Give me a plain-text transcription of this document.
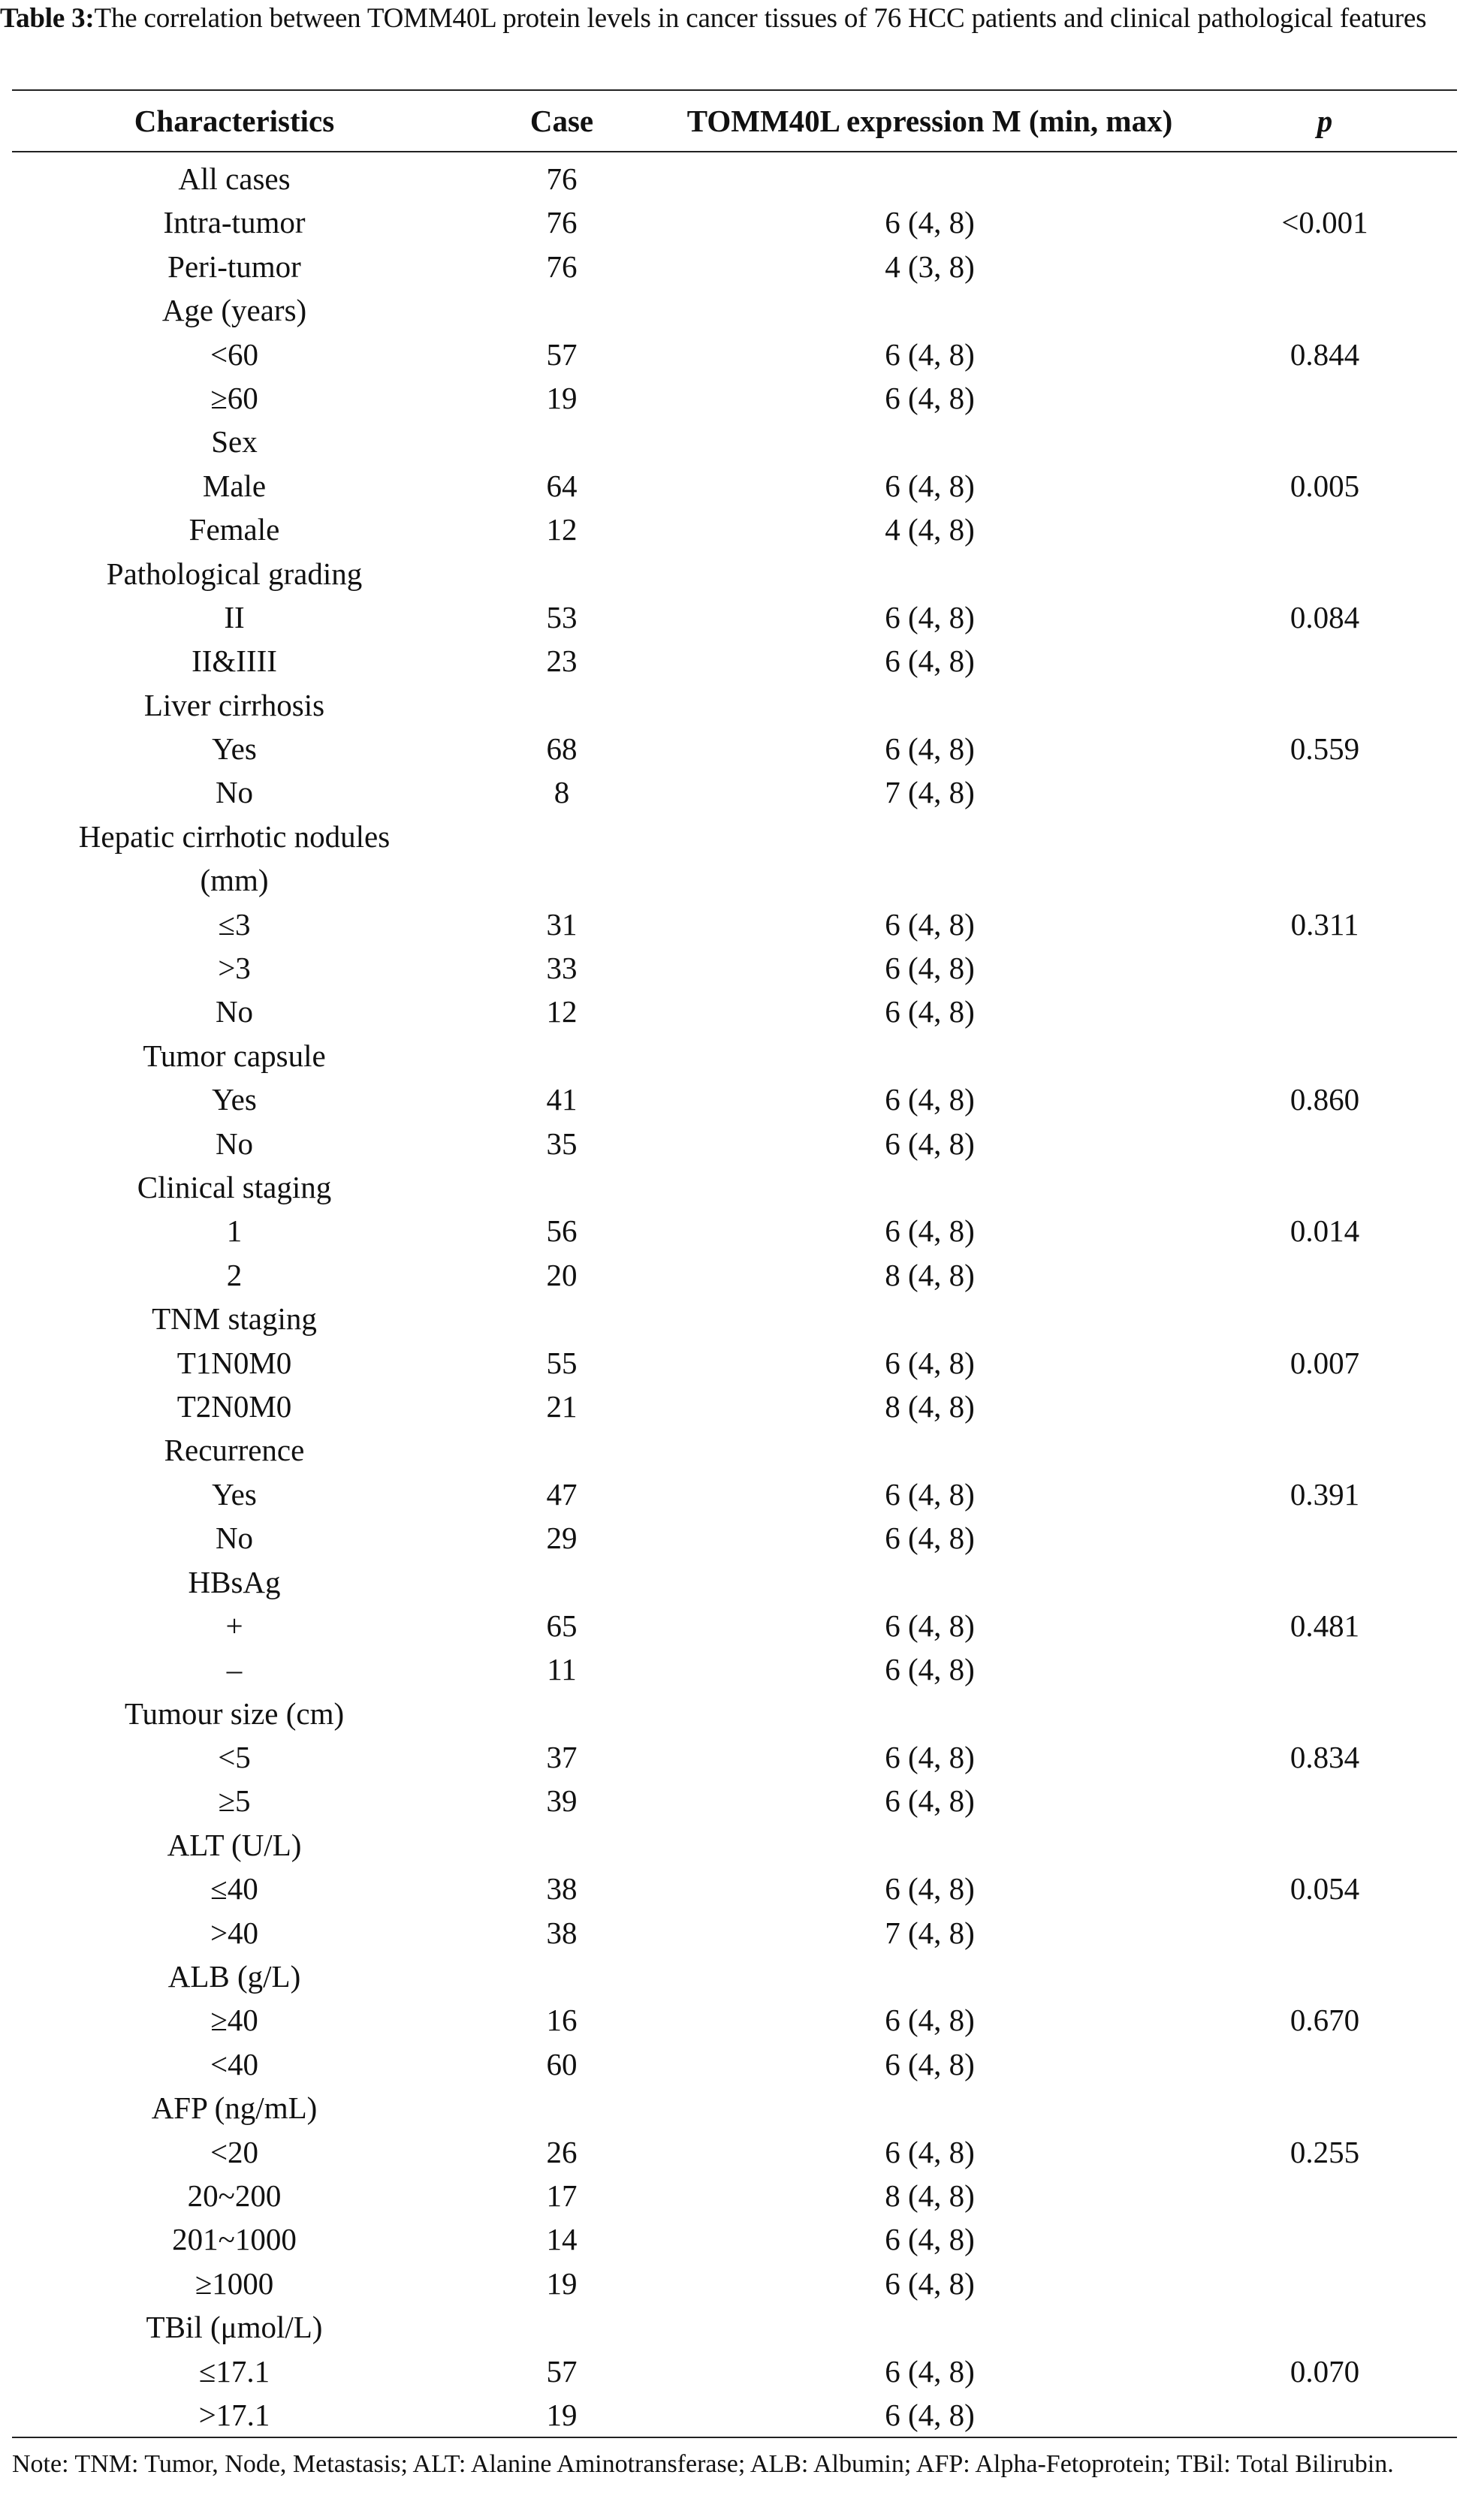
Table 3:The correlation between TOMM40L protein levels in cancer tissues of 76 HCC patients and clinical pathological features
Characteristics	Case	TOMM40L expression M (min, max)	p
All cases	76
Intra-tumor	76	6 (4, 8)	<0.001
Peri-tumor	76	4 (3, 8)
Age (years)
<60	57	6 (4, 8)	0.844
≥60	19	6 (4, 8)
Sex
Male	64	6 (4, 8)	0.005
Female	12	4 (4, 8)
Pathological grading
II	53	6 (4, 8)	0.084
II&IIII	23	6 (4, 8)
Liver cirrhosis
Yes	68	6 (4, 8)	0.559
No	8	7 (4, 8)
Hepatic cirrhotic nodules
(mm)
≤3	31	6 (4, 8)	0.311
>3	33	6 (4, 8)
No	12	6 (4, 8)
Tumor capsule
Yes	41	6 (4, 8)	0.860
No	35	6 (4, 8)
Clinical staging
1	56	6 (4, 8)	0.014
2	20	8 (4, 8)
TNM staging
T1N0M0	55	6 (4, 8)	0.007
T2N0M0	21	8 (4, 8)
Recurrence
Yes	47	6 (4, 8)	0.391
No	29	6 (4, 8)
HBsAg
+	65	6 (4, 8)	0.481
–	11	6 (4, 8)
Tumour size (cm)
<5	37	6 (4, 8)	0.834
≥5	39	6 (4, 8)
ALT (U/L)
≤40	38	6 (4, 8)	0.054
>40	38	7 (4, 8)
ALB (g/L)
≥40	16	6 (4, 8)	0.670
<40	60	6 (4, 8)
AFP (ng/mL)
<20	26	6 (4, 8)	0.255
20~200	17	8 (4, 8)
201~1000	14	6 (4, 8)
≥1000	19	6 (4, 8)
TBil (μmol/L)
≤17.1	57	6 (4, 8)	0.070
>17.1	19	6 (4, 8)
Note: TNM: Tumor, Node, Metastasis; ALT: Alanine Aminotransferase; ALB: Albumin; AFP: Alpha-Fetoprotein; TBil: Total Bilirubin.
